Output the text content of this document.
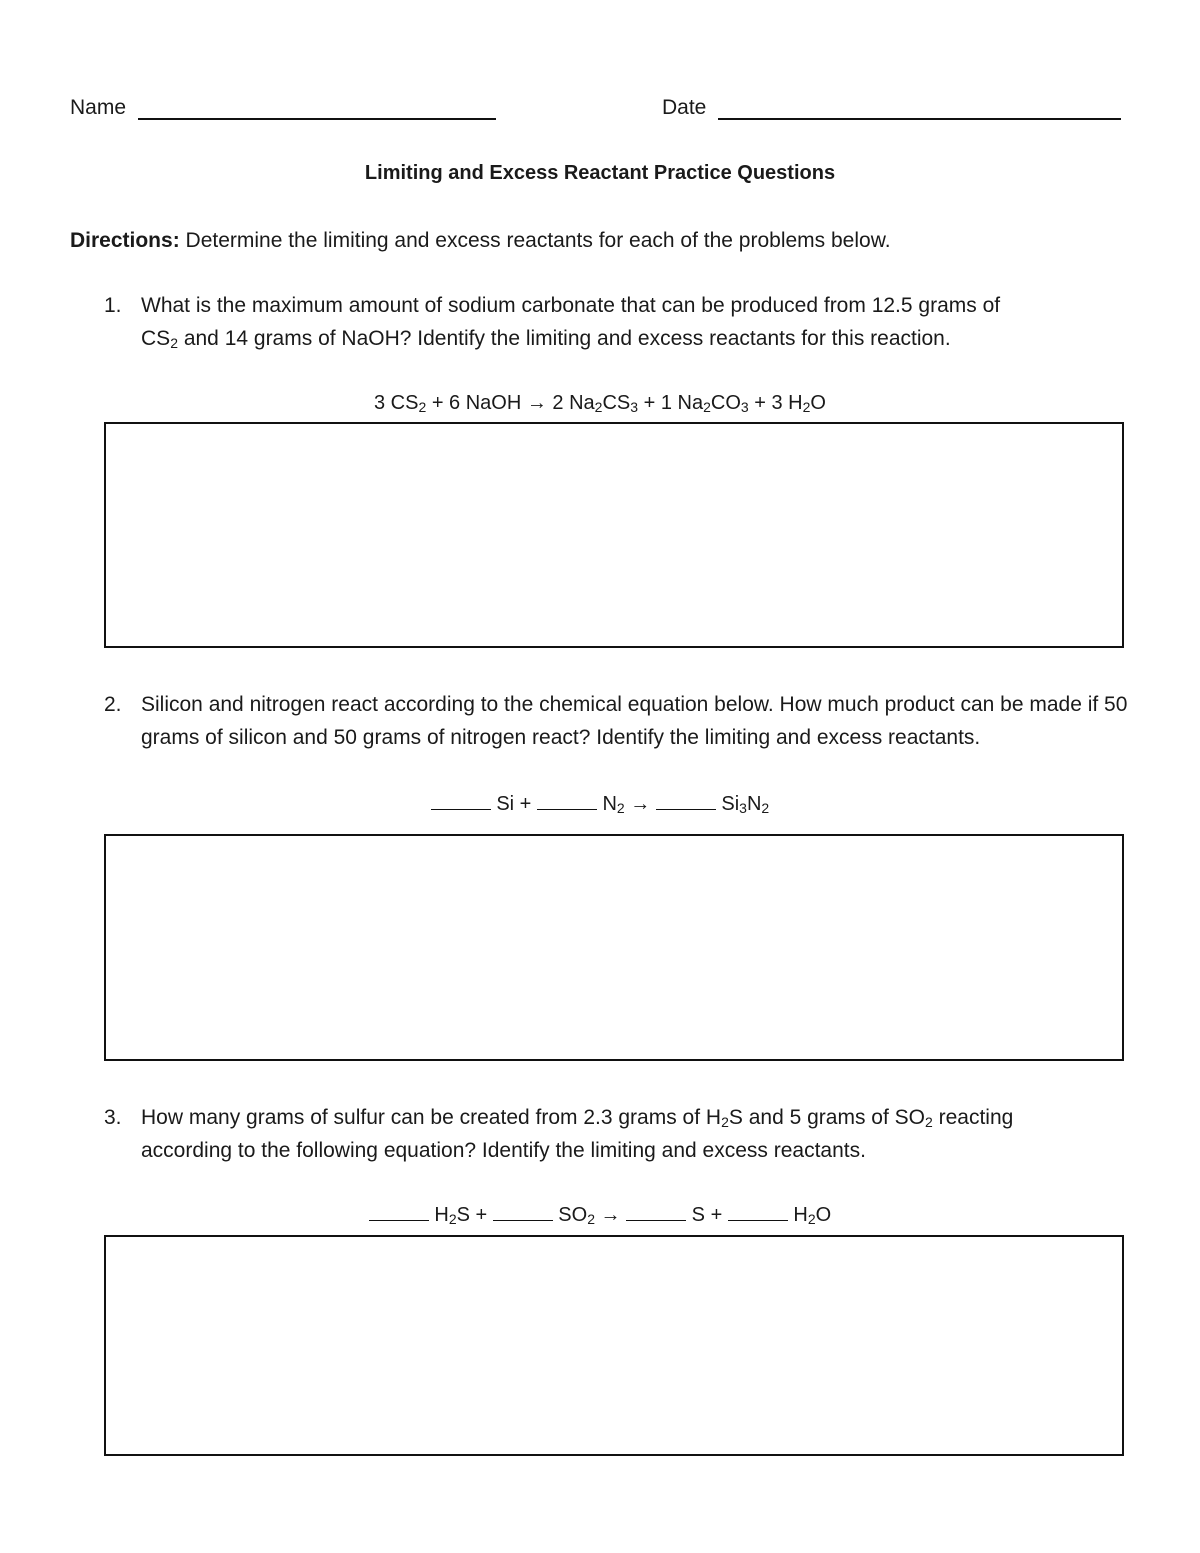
Name	Date
Limiting and Excess Reactant Practice Questions
Directions: Determine the limiting and excess reactants for each of the problems below.
1. What is the maximum amount of sodium carbonate that can be produced from 12.5 grams of
$CS_2$ and 14 grams of NaOH? Identify the limiting and excess reactants for this reaction.
3 $CS_2 + 6$ NaOH → 2 $Na_2CS_3 + 1$ $Na_2CO_3 + 3$ $H_2O$
2. Silicon and nitrogen react according to the chemical equation below. How much product can be made if 50 grams of silicon and 50 grams of nitrogen react? Identify the limiting and excess reactants.
Si +	$N_2$ →	$Si_3N_2$
3. How many grams of sulfur can be created from 2.3 grams of $H_2S$ and 5 grams of $SO_2$ reacting
according to the following equation? Identify the limiting and excess reactants.
$H_2S$ +	$SO_2$ →	S +	$H_2O$
